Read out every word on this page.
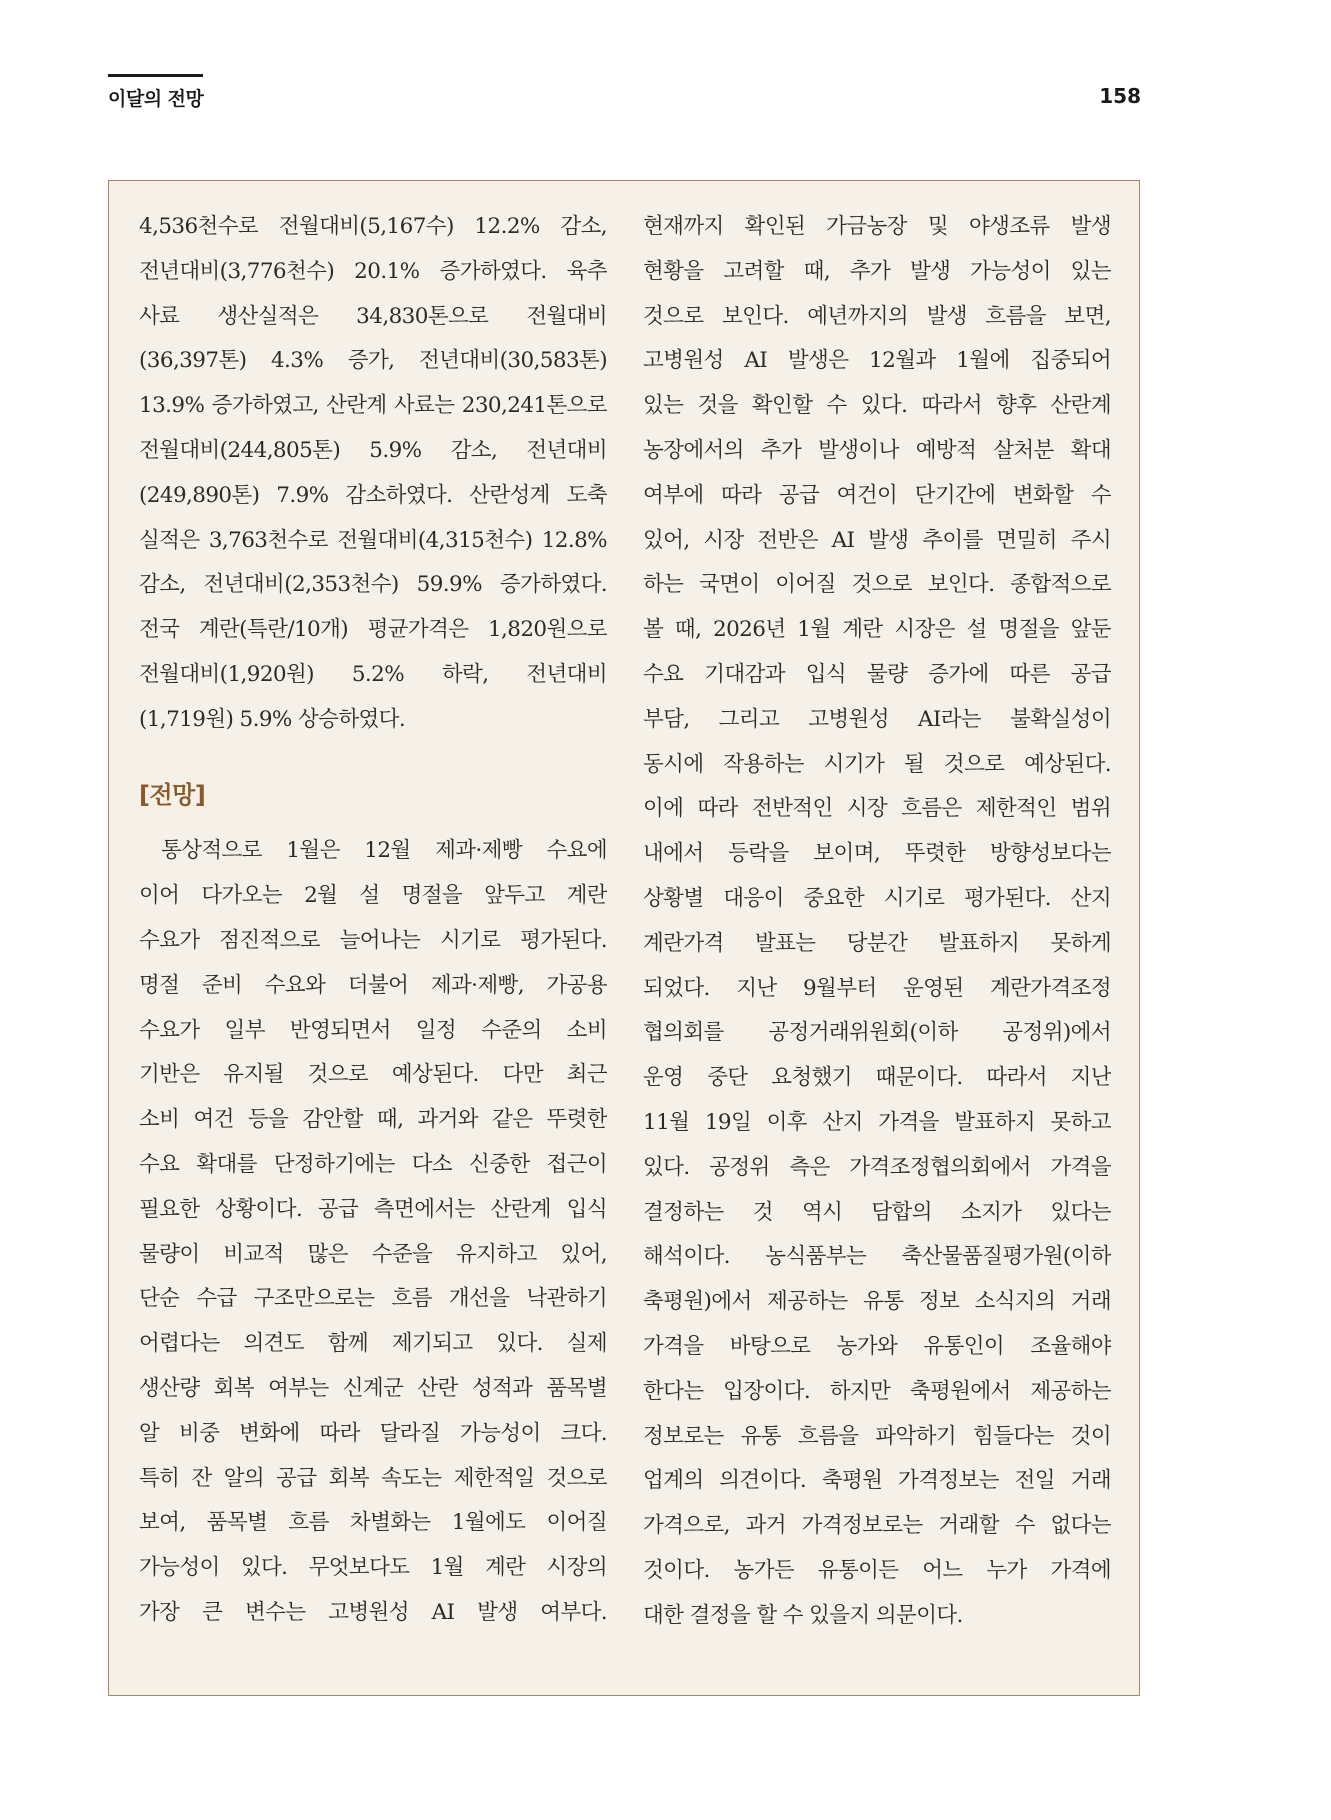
이달의 전망	158
4,536천수로 전월대비(5,167수) 12.2% 감소,
전년대비(3,776천수) 20.1% 증가하였다. 육추
사료 생산실적은 34,830톤으로 전월대비
(36,397톤) 4.3% 증가, 전년대비(30,583톤)
13.9% 증가하였고, 산란계 사료는 230,241톤으로
전월대비(244,805톤) 5.9% 감소, 전년대비
(249,890톤) 7.9% 감소하였다. 산란성계 도축
실적은 3,763천수로 전월대비(4,315천수) 12.8%
감소, 전년대비(2,353천수) 59.9% 증가하였다.
전국 계란(특란/10개) 평균가격은 1,820원으로
전월대비(1,920원) 5.2% 하락, 전년대비
(1,719원) 5.9% 상승하였다.
[전망]
통상적으로 1월은 12월 제과·제빵 수요에
이어 다가오는 2월 설 명절을 앞두고 계란
수요가 점진적으로 늘어나는 시기로 평가된다.
명절 준비 수요와 더불어 제과·제빵, 가공용
수요가 일부 반영되면서 일정 수준의 소비
기반은 유지될 것으로 예상된다. 다만 최근
소비 여건 등을 감안할 때, 과거와 같은 뚜렷한
수요 확대를 단정하기에는 다소 신중한 접근이
필요한 상황이다. 공급 측면에서는 산란계 입식
물량이 비교적 많은 수준을 유지하고 있어,
단순 수급 구조만으로는 흐름 개선을 낙관하기
어렵다는 의견도 함께 제기되고 있다. 실제
생산량 회복 여부는 신계군 산란 성적과 품목별
알 비중 변화에 따라 달라질 가능성이 크다.
특히 잔 알의 공급 회복 속도는 제한적일 것으로
보여, 품목별 흐름 차별화는 1월에도 이어질
가능성이 있다. 무엇보다도 1월 계란 시장의
가장 큰 변수는 고병원성 AI 발생 여부다.
현재까지 확인된 가금농장 및 야생조류 발생
현황을 고려할 때, 추가 발생 가능성이 있는
것으로 보인다. 예년까지의 발생 흐름을 보면,
고병원성 AI 발생은 12월과 1월에 집중되어
있는 것을 확인할 수 있다. 따라서 향후 산란계
농장에서의 추가 발생이나 예방적 살처분 확대
여부에 따라 공급 여건이 단기간에 변화할 수
있어, 시장 전반은 AI 발생 추이를 면밀히 주시
하는 국면이 이어질 것으로 보인다. 종합적으로
볼 때, 2026년 1월 계란 시장은 설 명절을 앞둔
수요 기대감과 입식 물량 증가에 따른 공급
부담, 그리고 고병원성 AI라는 불확실성이
동시에 작용하는 시기가 될 것으로 예상된다.
이에 따라 전반적인 시장 흐름은 제한적인 범위
내에서 등락을 보이며, 뚜렷한 방향성보다는
상황별 대응이 중요한 시기로 평가된다. 산지
계란가격 발표는 당분간 발표하지 못하게
되었다. 지난 9월부터 운영된 계란가격조정
협의회를 공정거래위원회(이하 공정위)에서
운영 중단 요청했기 때문이다. 따라서 지난
11월 19일 이후 산지 가격을 발표하지 못하고
있다. 공정위 측은 가격조정협의회에서 가격을
결정하는 것 역시 담합의 소지가 있다는
해석이다. 농식품부는 축산물품질평가원(이하
축평원)에서 제공하는 유통 정보 소식지의 거래
가격을 바탕으로 농가와 유통인이 조율해야
한다는 입장이다. 하지만 축평원에서 제공하는
정보로는 유통 흐름을 파악하기 힘들다는 것이
업계의 의견이다. 축평원 가격정보는 전일 거래
가격으로, 과거 가격정보로는 거래할 수 없다는
것이다. 농가든 유통이든 어느 누가 가격에
대한 결정을 할 수 있을지 의문이다.
